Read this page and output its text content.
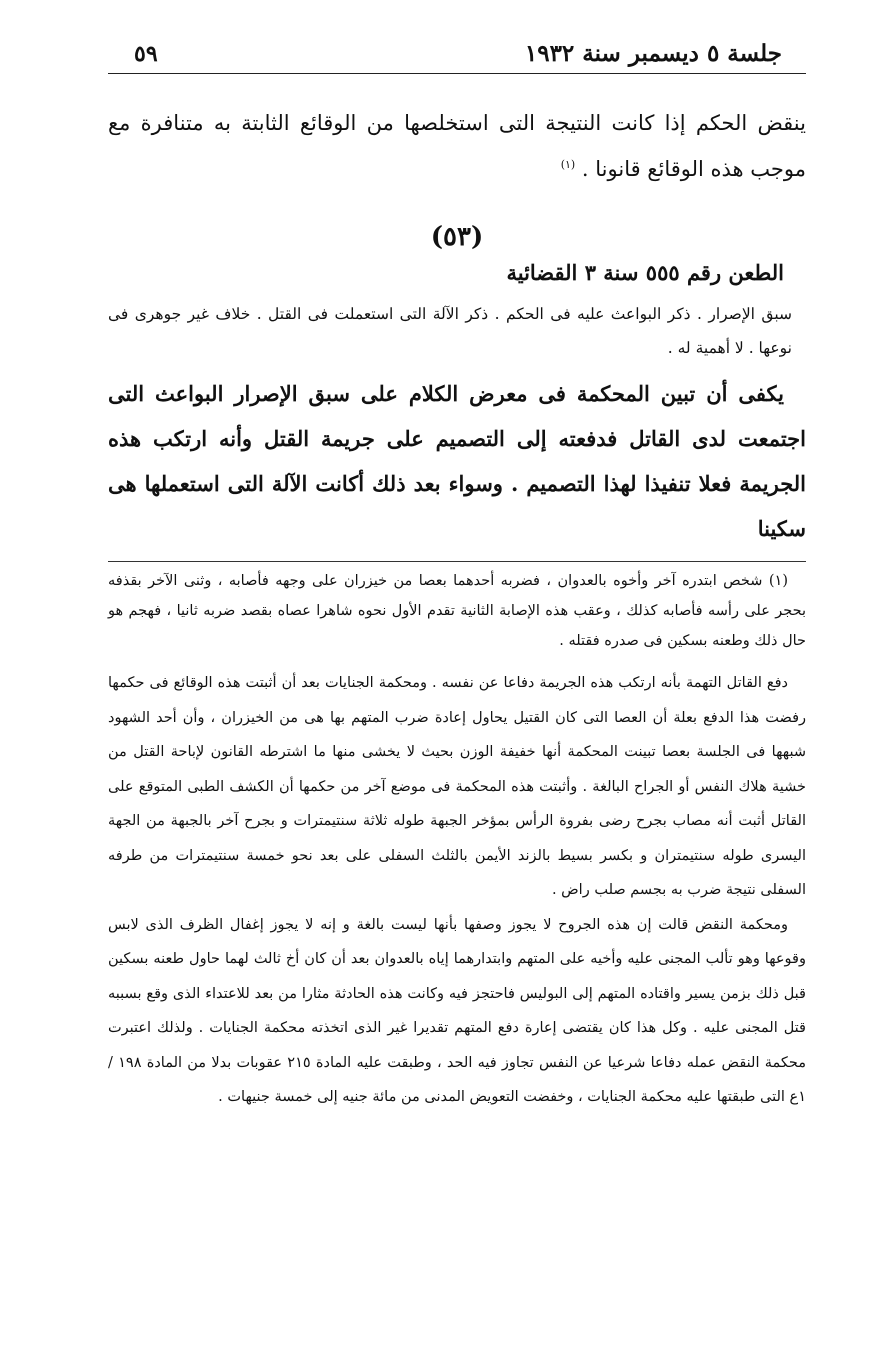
جلسة ٥ ديسمبر سنة ١٩٣٢
٥٩
ينقض الحكم إذا كانت النتيجة التى استخلصها من الوقائع الثابتة به متنافرة مع موجب هذه الوقائع قانونا . $^{(١)}$
(٥٣)
الطعن رقم ٥٥٥ سنة ٣ القضائية
سبق الإصرار . ذكر البواعث عليه فى الحكم . ذكر الآلة التى استعملت فى القتل . خلاف غير جوهرى فى نوعها . لا أهمية له .
يكفى أن تبين المحكمة فى معرض الكلام على سبق الإصرار البواعث التى اجتمعت لدى القاتل فدفعته إلى التصميم على جريمة القتل وأنه ارتكب هذه الجريمة فعلا تنفيذا لهذا التصميم . وسواء بعد ذلك أكانت الآلة التى استعملها هى سكينا

(١) شخص ابتدره آخر وأخوه بالعدوان ، فضربه أحدهما بعصا من خيزران على وجهه فأصابه ، وثنى الآخر بقذفه بحجر على رأسه فأصابه كذلك ، وعقب هذه الإصابة الثانية تقدم الأول نحوه شاهرا عصاه بقصد ضربه ثانيا ، فهجم هو حال ذلك وطعنه بسكين فى صدره فقتله .

دفع القاتل التهمة بأنه ارتكب هذه الجريمة دفاعا عن نفسه . ومحكمة الجنايات بعد أن أثبتت هذه الوقائع فى حكمها رفضت هذا الدفع بعلة أن العصا التى كان القتيل يحاول إعادة ضرب المتهم بها هى من الخيزران ، وأن أحد الشهود شبهها فى الجلسة بعصا تبينت المحكمة أنها خفيفة الوزن بحيث لا يخشى منها ما اشترطه القانون لإباحة القتل من خشية هلاك النفس أو الجراح البالغة . وأثبتت هذه المحكمة فى موضع آخر من حكمها أن الكشف الطبى المتوقع على القاتل أثبت أنه مصاب بجرح رضى بفروة الرأس بمؤخر الجبهة طوله ثلاثة سنتيمترات و بجرح آخر بالجبهة من الجهة اليسرى طوله سنتيمتران و بكسر بسيط بالزند الأيمن بالثلث السفلى على بعد نحو خمسة سنتيمترات من طرفه السفلى نتيجة ضرب به بجسم صلب راض .

ومحكمة النقض قالت إن هذه الجروح لا يجوز وصفها بأنها ليست بالغة و إنه لا يجوز إغفال الظرف الذى لابس وقوعها وهو تألب المجنى عليه وأخيه على المتهم وابتدارهما إياه بالعدوان بعد أن كان أخ ثالث لهما حاول طعنه بسكين قبل ذلك بزمن يسير واقتاده المتهم إلى البوليس فاحتجز فيه وكانت هذه الحادثة مثارا من بعد للاعتداء الذى وقع بسببه قتل المجنى عليه . وكل هذا كان يقتضى إعارة دفع المتهم تقديرا غير الذى اتخذته محكمة الجنايات . ولذلك اعتبرت محكمة النقض عمله دفاعا شرعيا عن النفس تجاوز فيه الحد ، وطبقت عليه المادة ٢١٥ عقوبات بدلا من المادة ١٩٨ / ١ع التى طبقتها عليه محكمة الجنايات ، وخفضت التعويض المدنى من مائة جنيه إلى خمسة جنيهات .
